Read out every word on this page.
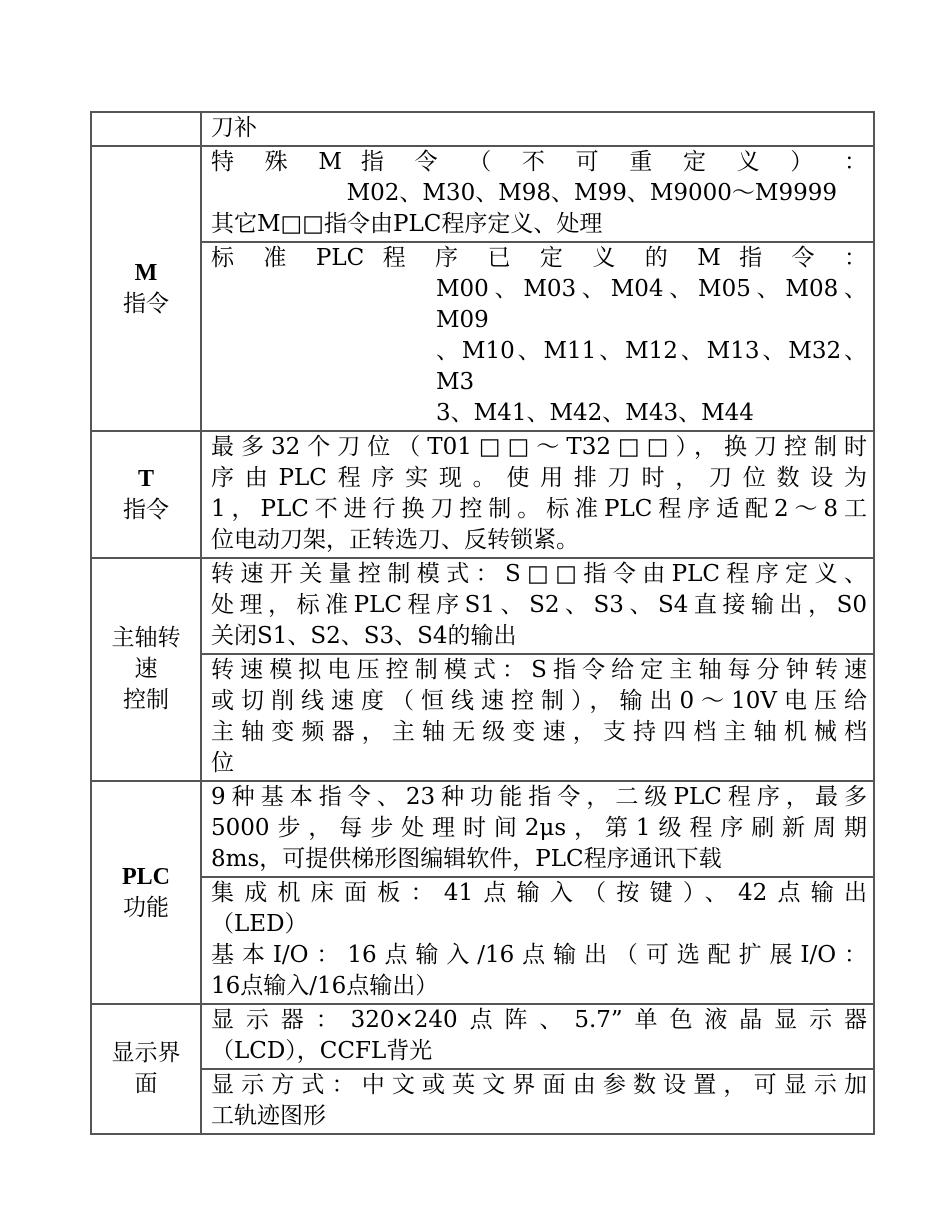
	刀补

M
指令	特 殊 M 指 令 （ 不 可 重 定 义 ） ：
M02、M30、M98、M99、M9000～M9999
其它M□□指令由PLC程序定义、处理

	标 准 PLC 程 序 已 定 义 的 M 指 令 ：
M00、M03、M04、M05、M08、M09
、M10、M11、M12、M13、M32、M3
3、M41、M42、M43、M44

T
指令	最多32个刀位（T01□□～T32□□），换刀控制时
序由PLC程序实现。使用排刀时，刀位数设为
1，PLC不进行换刀控制。标准PLC程序适配2～8工
位电动刀架，正转选刀、反转锁紧。

主轴转
速
控制	转速开关量控制模式：S□□指令由PLC程序定义、
处理，标准PLC程序S1、S2、S3、S4直接输出，S0
关闭S1、S2、S3、S4的输出

	转速模拟电压控制模式：S指令给定主轴每分钟转速
或切削线速度（恒线速控制），输出0～10V电压给
主轴变频器，主轴无级变速，支持四档主轴机械档
位

PLC
功能	9种基本指令、23种功能指令，二级PLC程序，最多
5000步，每步处理时间2μs，第1级程序刷新周期
8ms，可提供梯形图编辑软件，PLC程序通讯下载

	集成机床面板：41点输入（按键）、42点输出
（LED）
基本I/O：16点输入/16点输出（可选配扩展I/O：
16点输入/16点输出）

显示界
面	显示器：320×240点阵、5.7”单色液晶显示器
（LCD），CCFL背光

	显示方式：中文或英文界面由参数设置，可显示加
工轨迹图形
